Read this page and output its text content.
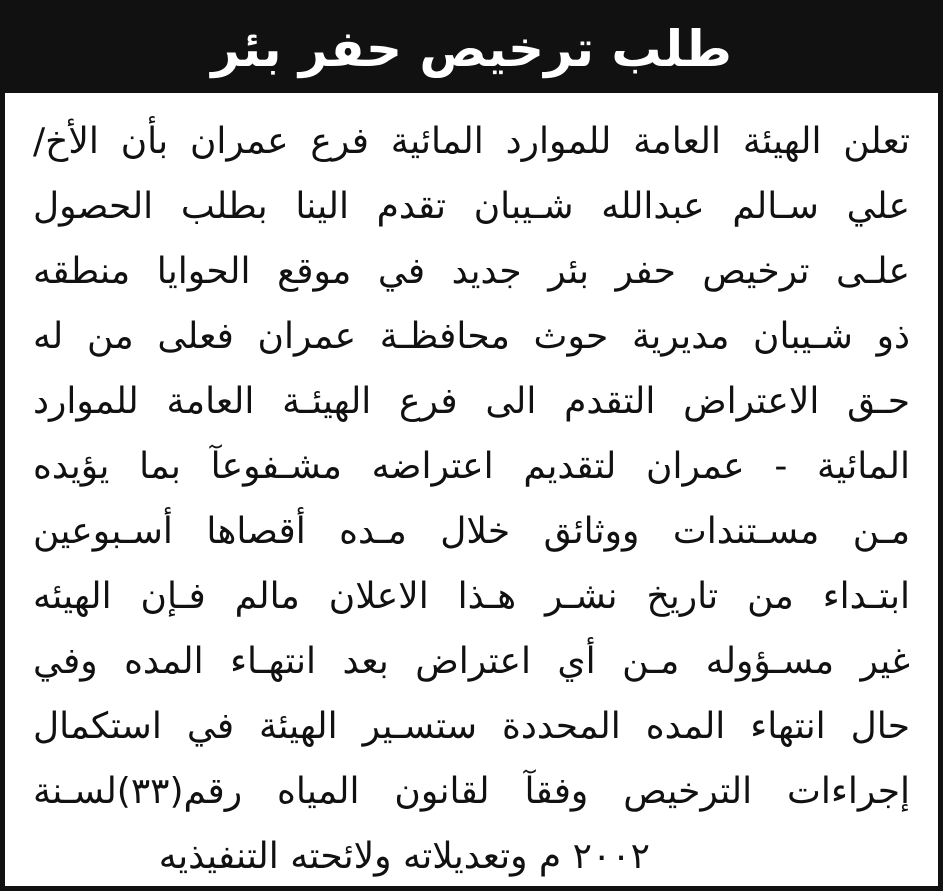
طلب ترخيص حفر بئر
تعلن الهيئة العامة للموارد المائية فرع عمران بأن الأخ/
علي سـالم عبدالله شـيبان تقدم الينا بطلب الحصول
علـى ترخيص حفر بئر جديد في موقع الحوايا منطقه
ذو شـيبان مديرية حوث محافظـة عمران فعلى من له
حـق الاعتراض التقدم الى فرع الهيئـة العامة للموارد
المائية - عمران لتقديم اعتراضه مشـفوعآ بما يؤيده
مـن مسـتندات ووثائق خلال مـده أقصاها أسـبوعين
ابتـداء من تاريخ نشـر هـذا الاعلان مالم فـإن الهيئه
غير مسـؤوله مـن أي اعتراض بعد انتهـاء المده وفي
حال انتهاء المده المحددة ستسـير الهيئة في استكمال
إجراءات الترخيص وفقآ لقانون المياه رقم(٣٣)لسـنة
٢٠٠٢ م وتعديلاته ولائحته التنفيذيه
